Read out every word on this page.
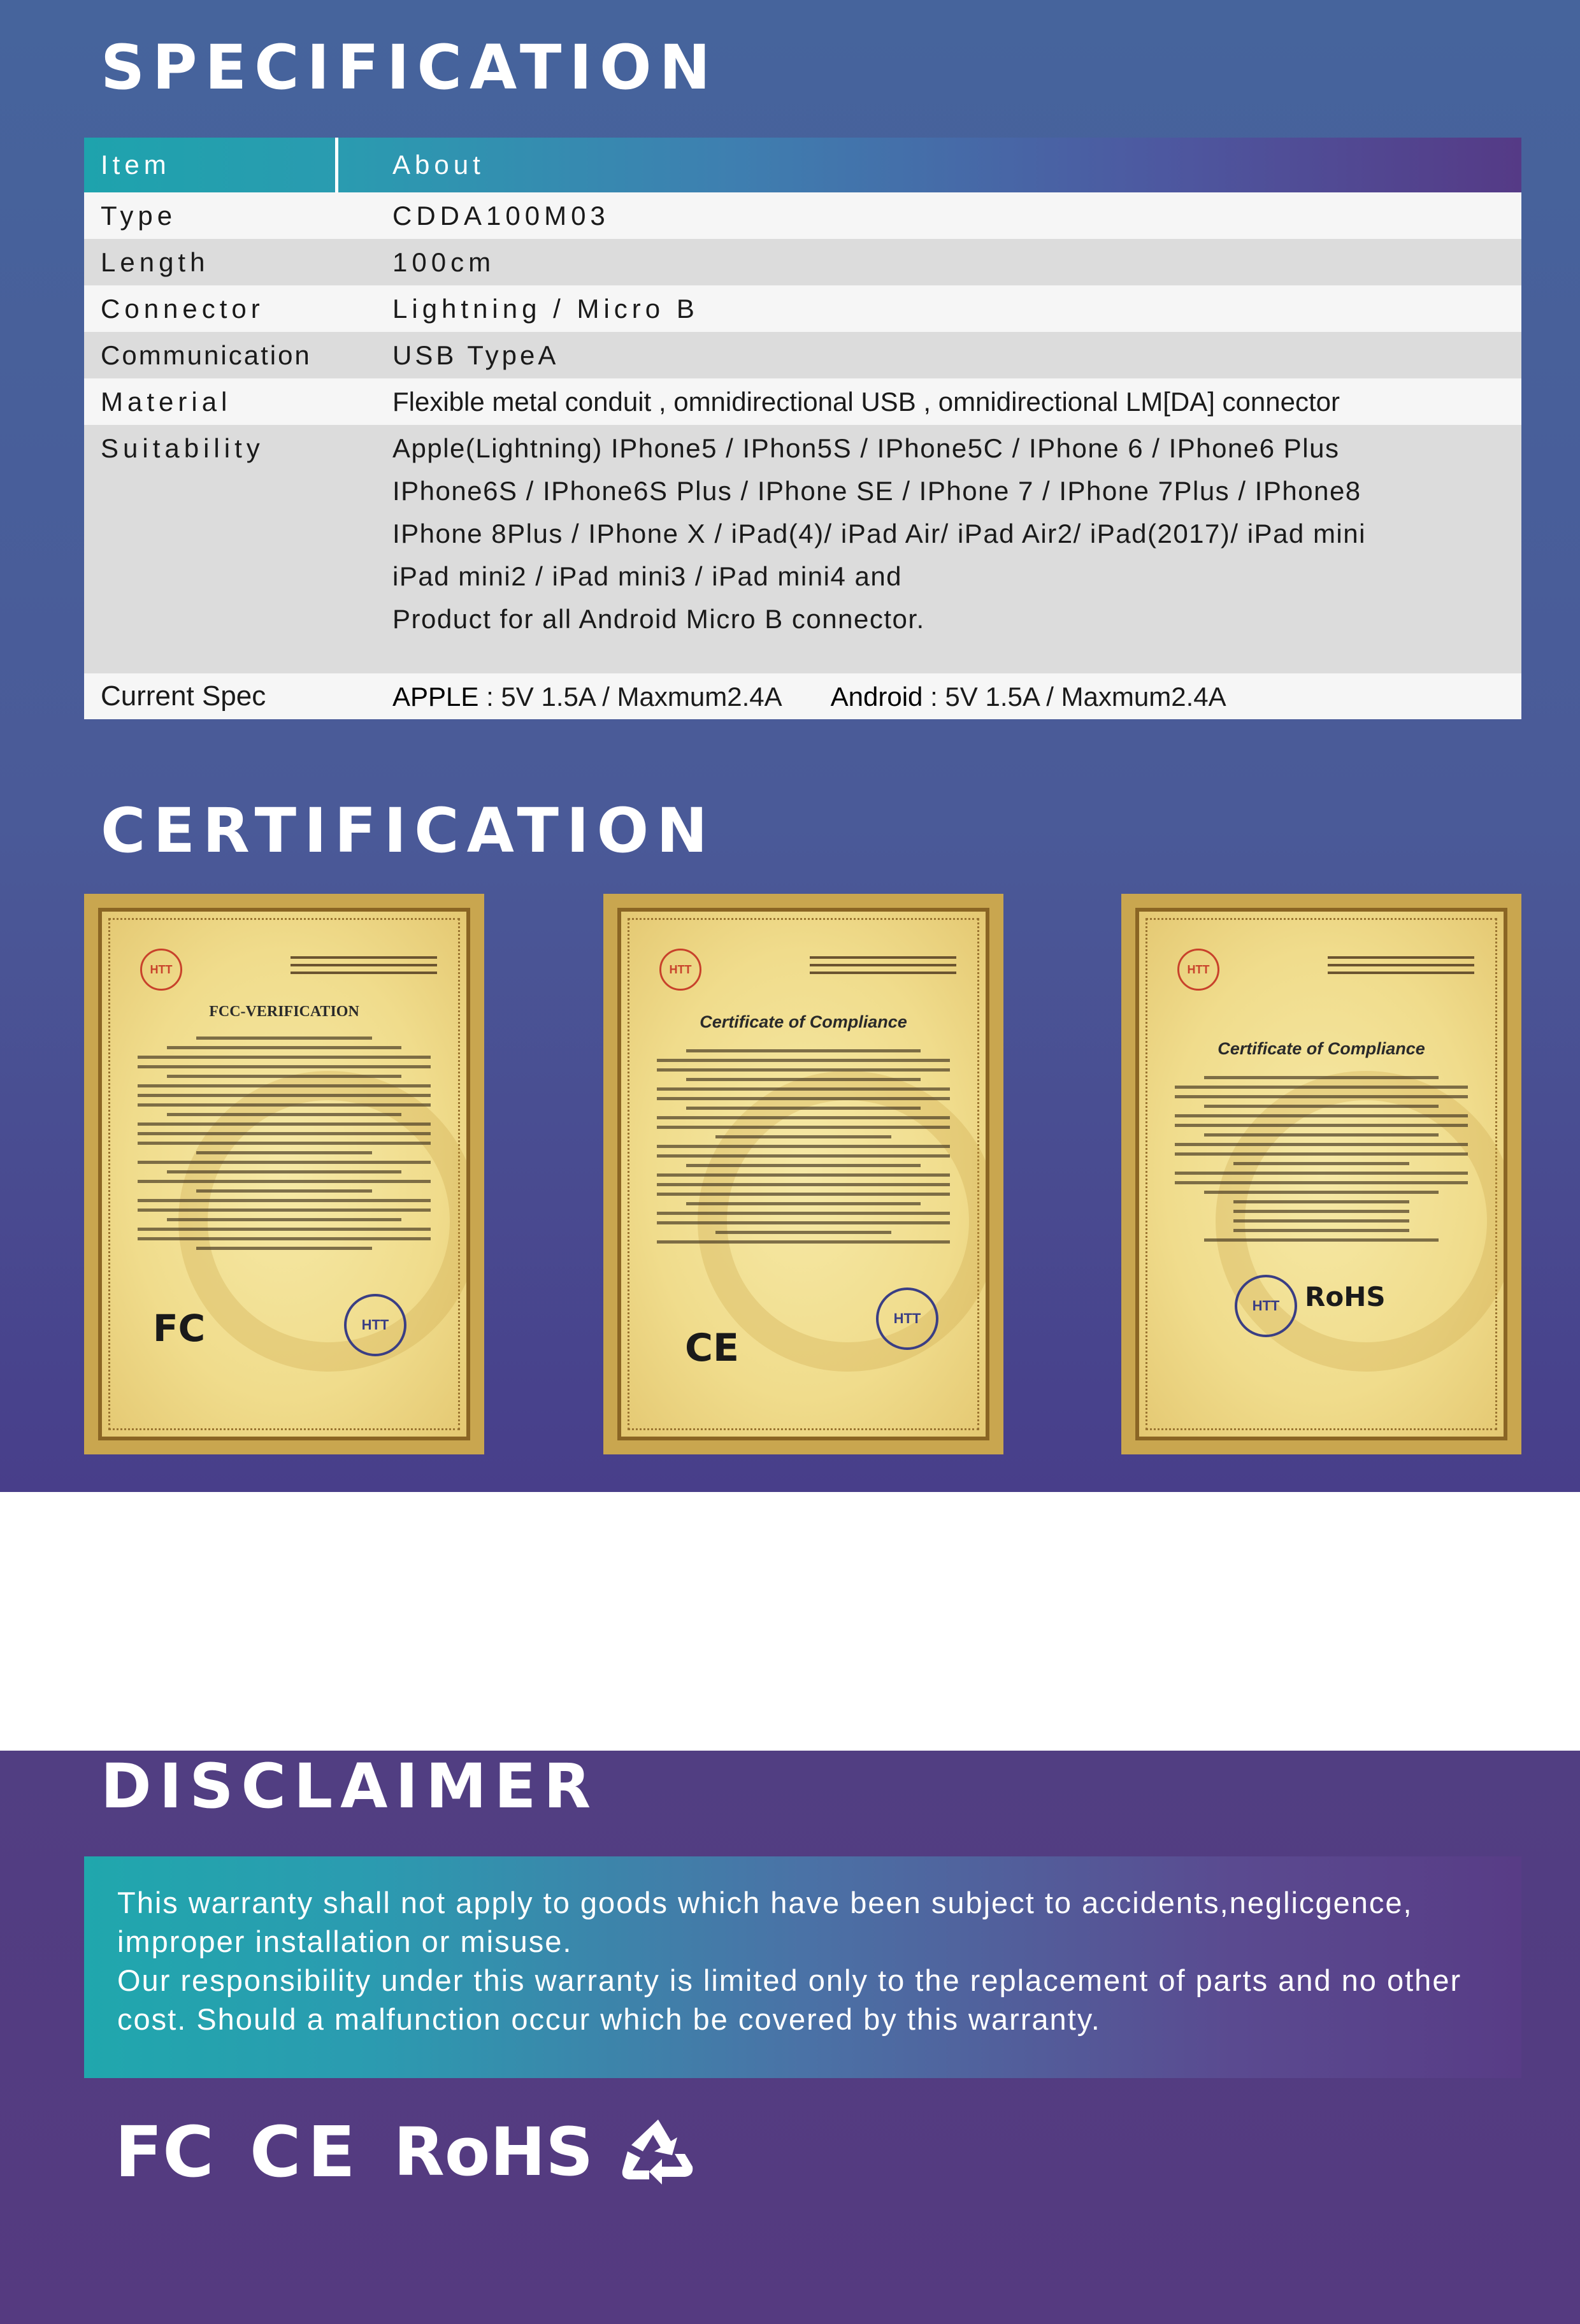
SPECIFICATION
Item	About
Type	CDDA100M03
Length	100cm
Connector	Lightning / Micro B
Communication	USB TypeA
Material	Flexible metal conduit , omnidirectional USB , omnidirectional LM[DA] connector
Suitability	Apple(Lightning) IPhone5 / IPhon5S / IPhone5C / IPhone 6 / IPhone6 Plus
IPhone6S / IPhone6S Plus / IPhone SE / IPhone 7 / IPhone 7Plus / IPhone8
IPhone 8Plus / IPhone X / iPad(4)/ iPad Air/ iPad Air2/ iPad(2017)/ iPad mini
iPad mini2 / iPad mini3 / iPad mini4 and
Product for all Android Micro B connector.
Current Spec	APPLE : 5V 1.5A / Maxmum2.4A Android : 5V 1.5A / Maxmum2.4A
CERTIFICATION
HTT
FCC-VERIFICATION
FC	HTT
HTT
Certificate of Compliance
CE
HTT
HTT
Certificate of Compliance
RoHS
HTT
DISCLAIMER

This warranty shall not apply to goods which have been subject to accidents,neglicgence, improper installation or misuse.

Our responsibility under this warranty is limited only to the replacement of parts and no other cost. Should a malfunction occur which be covered by this warranty.

FC CE RoHS
